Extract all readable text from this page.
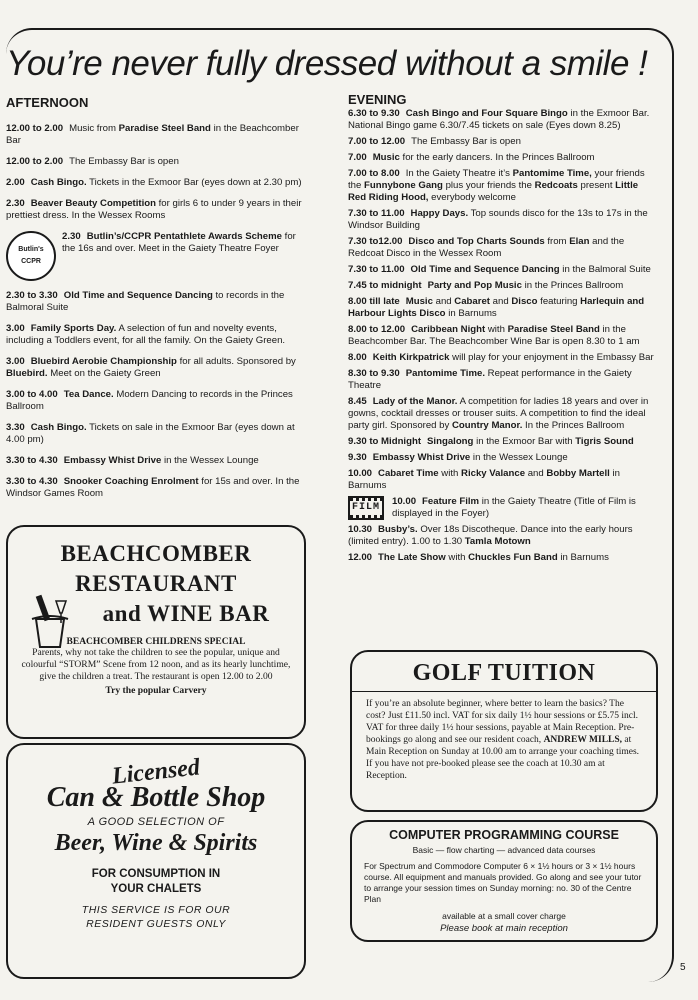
You’re never fully dressed without a smile !
AFTERNOON

12.00 to 2.00 Music from Paradise Steel Band in the Beachcomber Bar

12.00 to 2.00 The Embassy Bar is open

2.00 Cash Bingo. Tickets in the Exmoor Bar (eyes down at 2.30 pm)

2.30 Beaver Beauty Competition for girls 6 to under 9 years in their prettiest dress. In the Wessex Rooms

Butlin's
CCPR

2.30 Butlin’s/CCPR Pentathlete Awards Scheme for the 16s and over. Meet in the Gaiety Theatre Foyer

2.30 to 3.30 Old Time and Sequence Dancing to records in the Balmoral Suite

3.00 Family Sports Day. A selection of fun and novelty events, including a Toddlers event, for all the family. On the Gaiety Green.

3.00 Bluebird Aerobie Championship for all adults. Sponsored by Bluebird. Meet on the Gaiety Green

3.00 to 4.00 Tea Dance. Modern Dancing to records in the Princes Ballroom

3.30 Cash Bingo. Tickets on sale in the Exmoor Bar (eyes down at 4.00 pm)

3.30 to 4.30 Embassy Whist Drive in the Wessex Lounge

3.30 to 4.30 Snooker Coaching Enrolment for 15s and over. In the Windsor Games Room

EVENING

6.30 to 9.30 Cash Bingo and Four Square Bingo in the Exmoor Bar. National Bingo game 6.30/7.45 tickets on sale (Eyes down 8.25)

7.00 to 12.00 The Embassy Bar is open

7.00 Music for the early dancers. In the Princes Ballroom

7.00 to 8.00 In the Gaiety Theatre it’s Pantomime Time, your friends the Funnybone Gang plus your friends the Redcoats present Little Red Riding Hood, everybody welcome

7.30 to 11.00 Happy Days. Top sounds disco for the 13s to 17s in the Windsor Building

7.30 to12.00 Disco and Top Charts Sounds from Elan and the Redcoat Disco in the Wessex Room

7.30 to 11.00 Old Time and Sequence Dancing in the Balmoral Suite

7.45 to midnight Party and Pop Music in the Princes Ballroom

8.00 till late Music and Cabaret and Disco featuring Harlequin and Harbour Lights Disco in Barnums

8.00 to 12.00 Caribbean Night with Paradise Steel Band in the Beachcomber Bar. The Beachcomber Wine Bar is open 8.30 to 1 am

8.00 Keith Kirkpatrick will play for your enjoyment in the Embassy Bar

8.30 to 9.30 Pantomime Time. Repeat performance in the Gaiety Theatre

8.45 Lady of the Manor. A competition for ladies 18 years and over in gowns, cocktail dresses or trouser suits. A competition to find the ideal party girl. Sponsored by Country Manor. In the Princes Ballroom

9.30 to Midnight Singalong in the Exmoor Bar with Tigris Sound

9.30 Embassy Whist Drive in the Wessex Lounge

10.00 Cabaret Time with Ricky Valance and Bobby Martell in Barnums

FILM

10.00 Feature Film in the Gaiety Theatre (Title of Film is displayed in the Foyer)

10.30 Busby’s. Over 18s Discotheque. Dance into the early hours (limited entry). 1.00 to 1.30 Tamla Motown

12.00 The Late Show with Chuckles Fun Band in Barnums

BEACHCOMBER
RESTAURANT
and WINE BAR
BEACHCOMBER CHILDRENS SPECIAL
Parents, why not take the children to see the popular, unique and colourful “STORM” Scene from 12 noon, and as its hearly lunchtime, give the children a treat. The restaurant is open 12.00 to 2.00
Try the popular Carvery
Licensed
Can & Bottle Shop
A GOOD SELECTION OF
Beer, Wine & Spirits
FOR CONSUMPTION IN
YOUR CHALETS
THIS SERVICE IS FOR OUR
RESIDENT GUESTS ONLY
GOLF TUITION

If you’re an absolute beginner, where better to learn the basics? The cost? Just £11.50 incl. VAT for six daily 1½ hour sessions or £5.75 incl. VAT for three daily 1½ hour sessions, payable at Main Reception. Pre-bookings go along and see our resident coach, ANDREW MILLS, at Main Reception on Sunday at 10.00 am to arrange your coaching times. If you have not pre-booked please see the coach at 10.30 am at Reception.

COMPUTER PROGRAMMING COURSE
Basic — flow charting — advanced data courses
For Spectrum and Commodore Computer 6 × 1½ hours or 3 × 1½ hours course. All equipment and manuals provided. Go along and see your tutor to arrange your session times on Sunday morning: no. 30 of the Centre Plan
available at a small cover charge
Please book at main reception
5
